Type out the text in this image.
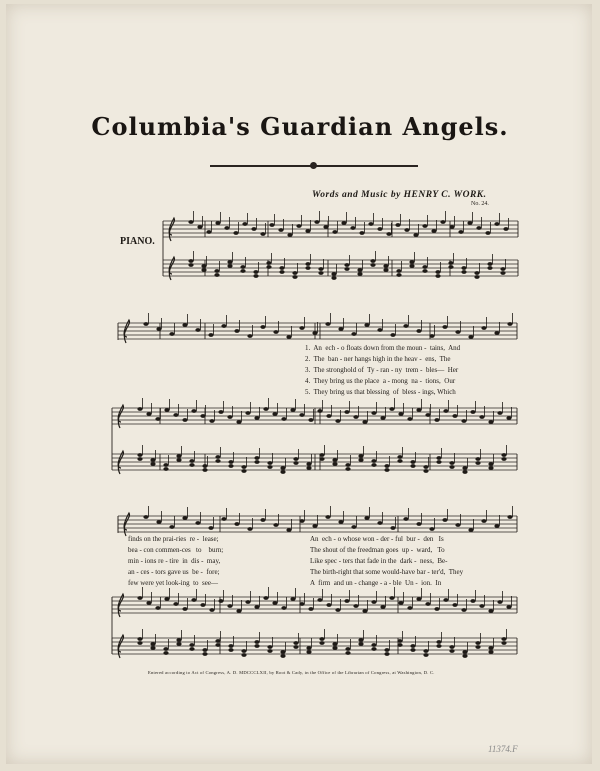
Columbia's Guardian Angels.
Words and Music by HENRY C. WORK.
No. 24.
PIANO.
1.  An  ech - o floats down from the moun -  tains,  And
2.  The  ban - ner hangs high in the heav -  ens,  The
3.  The stronghold of  Ty - ran - ny  trem -  bles—  Her
4.  They bring us the place  a - mong  na -  tions,  Our
5.  They bring us that blessing  of  bless - ings, Which
finds on the prai-ries  re -  lease;
bea - con commen-ces   to    burn;
min - ions re - tire  in  dis -  may,
an - ces - tors gave us  be -  fore;
few were yet look-ing  to  see—
An  ech - o whose won - der - ful  bur -  den   Is
The shout of the freedman goes  up -  ward,   To
Like spec - ters that fade in the  dark -  ness,  Be-
The birth-right that some would-have bar - ter'd,  They
A  firm  and un - change - a - ble  Un -  ion.  In
Entered according to Act of Congress, A. D. MDCCCLXII, by Root & Cady, in the Office of the Librarian of Congress, at Washington, D. C.
11374.F
